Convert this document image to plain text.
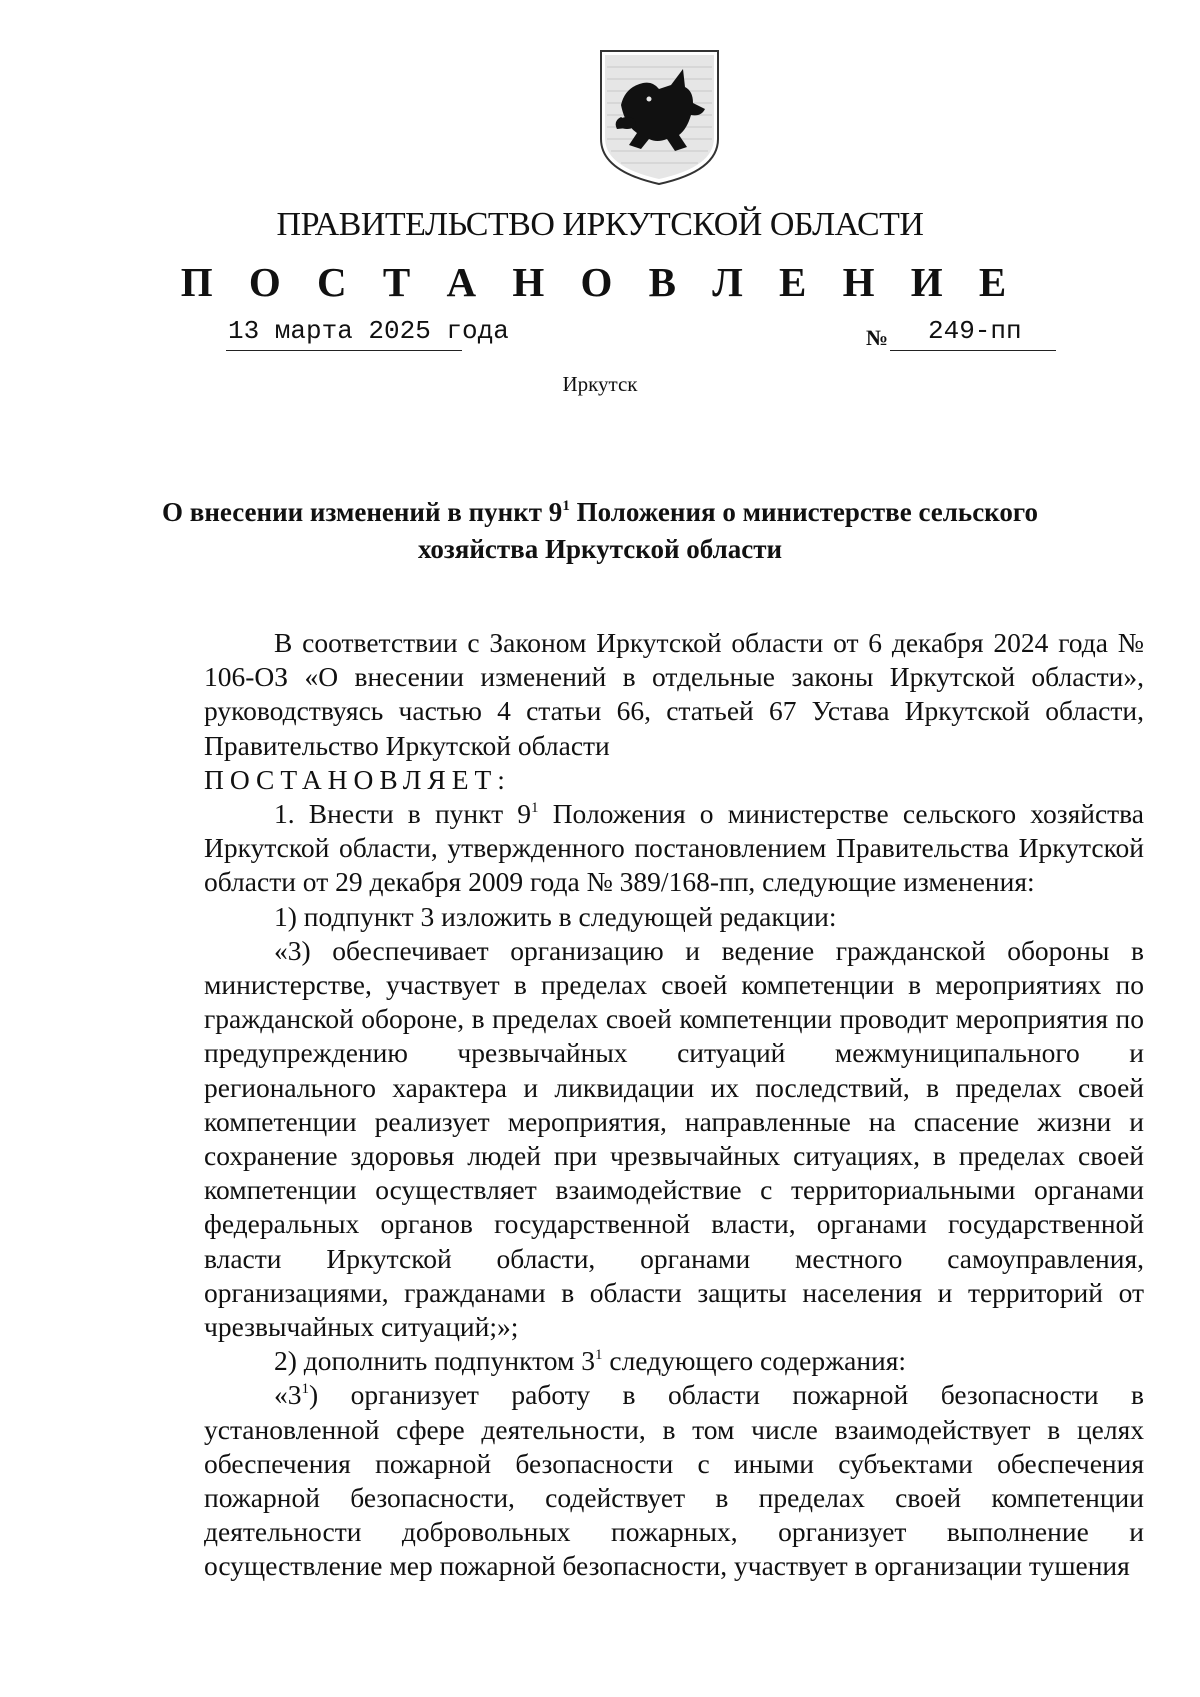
ПРАВИТЕЛЬСТВО ИРКУТСКОЙ ОБЛАСТИ
П О С Т А Н О В Л Е Н И Е
13 марта 2025 года	№ 249-пп
Иркутск
О внесении изменений в пункт $9^1$ Положения о министерстве сельского хозяйства Иркутской области

В соответствии с Законом Иркутской области от 6 декабря 2024 года № 106-ОЗ «О внесении изменений в отдельные законы Иркутской области», руководствуясь частью 4 статьи 66, статьей 67 Устава Иркутской области, Правительство Иркутской области

ПОСТАНОВЛЯЕТ:

1. Внести в пункт $9^1$ Положения о министерстве сельского хозяйства Иркутской области, утвержденного постановлением Правительства Иркутской области от 29 декабря 2009 года № 389/168-пп, следующие изменения:

1) подпункт 3 изложить в следующей редакции:

«3) обеспечивает организацию и ведение гражданской обороны в министерстве, участвует в пределах своей компетенции в мероприятиях по гражданской обороне, в пределах своей компетенции проводит мероприятия по предупреждению чрезвычайных ситуаций межмуниципального и регионального характера и ликвидации их последствий, в пределах своей компетенции реализует мероприятия, направленные на спасение жизни и сохранение здоровья людей при чрезвычайных ситуациях, в пределах своей компетенции осуществляет взаимодействие с территориальными органами федеральных органов государственной власти, органами государственной власти Иркутской области, органами местного самоуправления, организациями, гражданами в области защиты населения и территорий от чрезвычайных ситуаций;»;

2) дополнить подпунктом $3^1$ следующего содержания:

«$3^1$) организует работу в области пожарной безопасности в установленной сфере деятельности, в том числе взаимодействует в целях обеспечения пожарной безопасности с иными субъектами обеспечения пожарной безопасности, содействует в пределах своей компетенции деятельности добровольных пожарных, организует выполнение и осуществление мер пожарной безопасности, участвует в организации тушения
